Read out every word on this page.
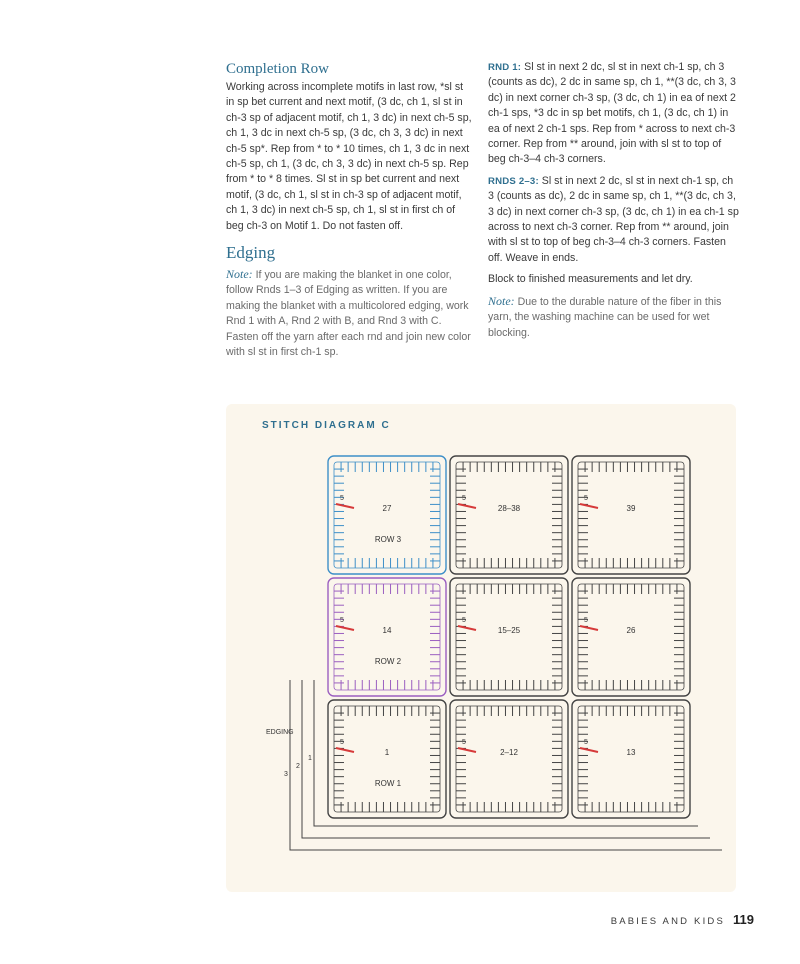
Completion Row

Working across incomplete motifs in last row, *sl st in sp bet current and next motif, (3 dc, ch 1, sl st in ch-3 sp of adjacent motif, ch 1, 3 dc) in next ch-5 sp, ch 1, 3 dc in next ch-5 sp, (3 dc, ch 3, 3 dc) in next ch-5 sp*. Rep from * to * 10 times, ch 1, 3 dc in next ch-5 sp, ch 1, (3 dc, ch 3, 3 dc) in next ch-5 sp. Rep from * to * 8 times. Sl st in sp bet current and next motif, (3 dc, ch 1, sl st in ch-3 sp of adjacent motif, ch 1, 3 dc) in next ch-5 sp, ch 1, sl st in first ch of beg ch-3 on Motif 1. Do not fasten off.

Edging

Note: If you are making the blanket in one color, follow Rnds 1–3 of Edging as written. If you are making the blanket with a multicolored edging, work Rnd 1 with A, Rnd 2 with B, and Rnd 3 with C. Fasten off the yarn after each rnd and join new color with sl st in first ch-1 sp.

RND 1: Sl st in next 2 dc, sl st in next ch-1 sp, ch 3 (counts as dc), 2 dc in same sp, ch 1, **(3 dc, ch 3, 3 dc) in next corner ch-3 sp, (3 dc, ch 1) in ea of next 2 ch-1 sps, *3 dc in sp bet motifs, ch 1, (3 dc, ch 1) in ea of next 2 ch-1 sps. Rep from * across to next ch-3 corner. Rep from ** around, join with sl st to top of beg ch-3–4 ch-3 corners.

RNDS 2–3: Sl st in next 2 dc, sl st in next ch-1 sp, ch 3 (counts as dc), 2 dc in same sp, ch 1, **(3 dc, ch 3, 3 dc) in next corner ch-3 sp, (3 dc, ch 1) in ea ch-1 sp across to next ch-3 corner. Rep from ** around, join with sl st to top of beg ch-3–4 ch-3 corners. Fasten off. Weave in ends.

Block to finished measurements and let dry.

Note: Due to the durable nature of the fiber in this yarn, the washing machine can be used for wet blocking.

STITCH DIAGRAM C
27
5
28–38
5
39
5
14
5
15–25
5
26
5
1
5
2–12
5
13
5
ROW 3
ROW 2
ROW 1
EDGING
1
2
3
BABIES AND KIDS 119
